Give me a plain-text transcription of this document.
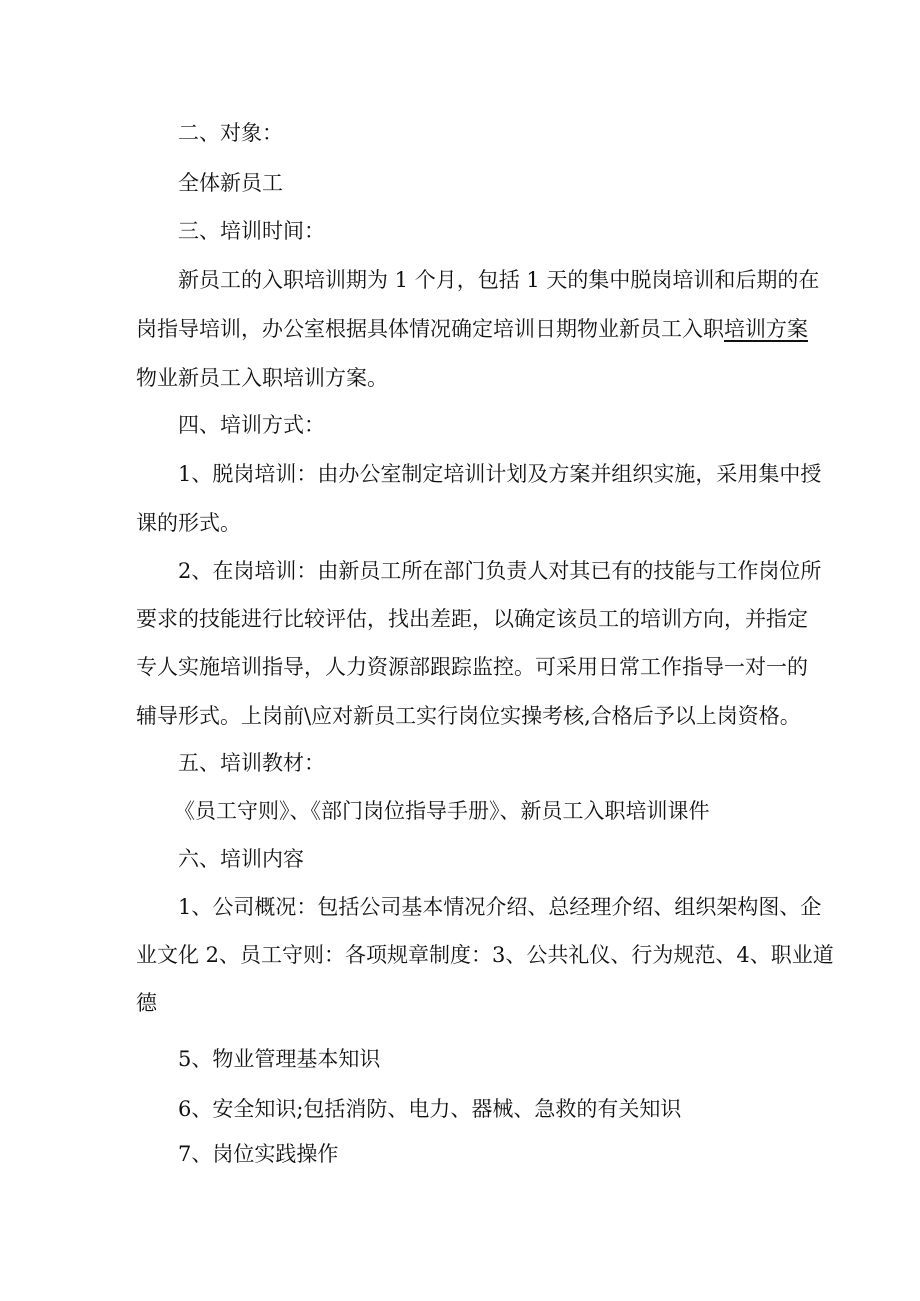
二、对象：

全体新员工

三、培训时间：

新员工的入职培训期为 1 个月，包括 1 天的集中脱岗培训和后期的在

岗指导培训，办公室根据具体情况确定培训日期物业新员工入职培训方案

物业新员工入职培训方案。

四、培训方式：

1、脱岗培训：由办公室制定培训计划及方案并组织实施，采用集中授

课的形式。

2、在岗培训：由新员工所在部门负责人对其已有的技能与工作岗位所

要求的技能进行比较评估，找出差距，以确定该员工的培训方向，并指定

专人实施培训指导，人力资源部跟踪监控。可采用日常工作指导一对一的

辅导形式。上岗前\应对新员工实行岗位实操考核,合格后予以上岗资格。

五、培训教材：

《员工守则》、《部门岗位指导手册》、新员工入职培训课件

六、培训内容

1、公司概况：包括公司基本情况介绍、总经理介绍、组织架构图、企

业文化 2、员工守则：各项规章制度：3、公共礼仪、行为规范、4、职业道

德

5、物业管理基本知识

6、安全知识;包括消防、电力、器械、急救的有关知识

7、岗位实践操作
